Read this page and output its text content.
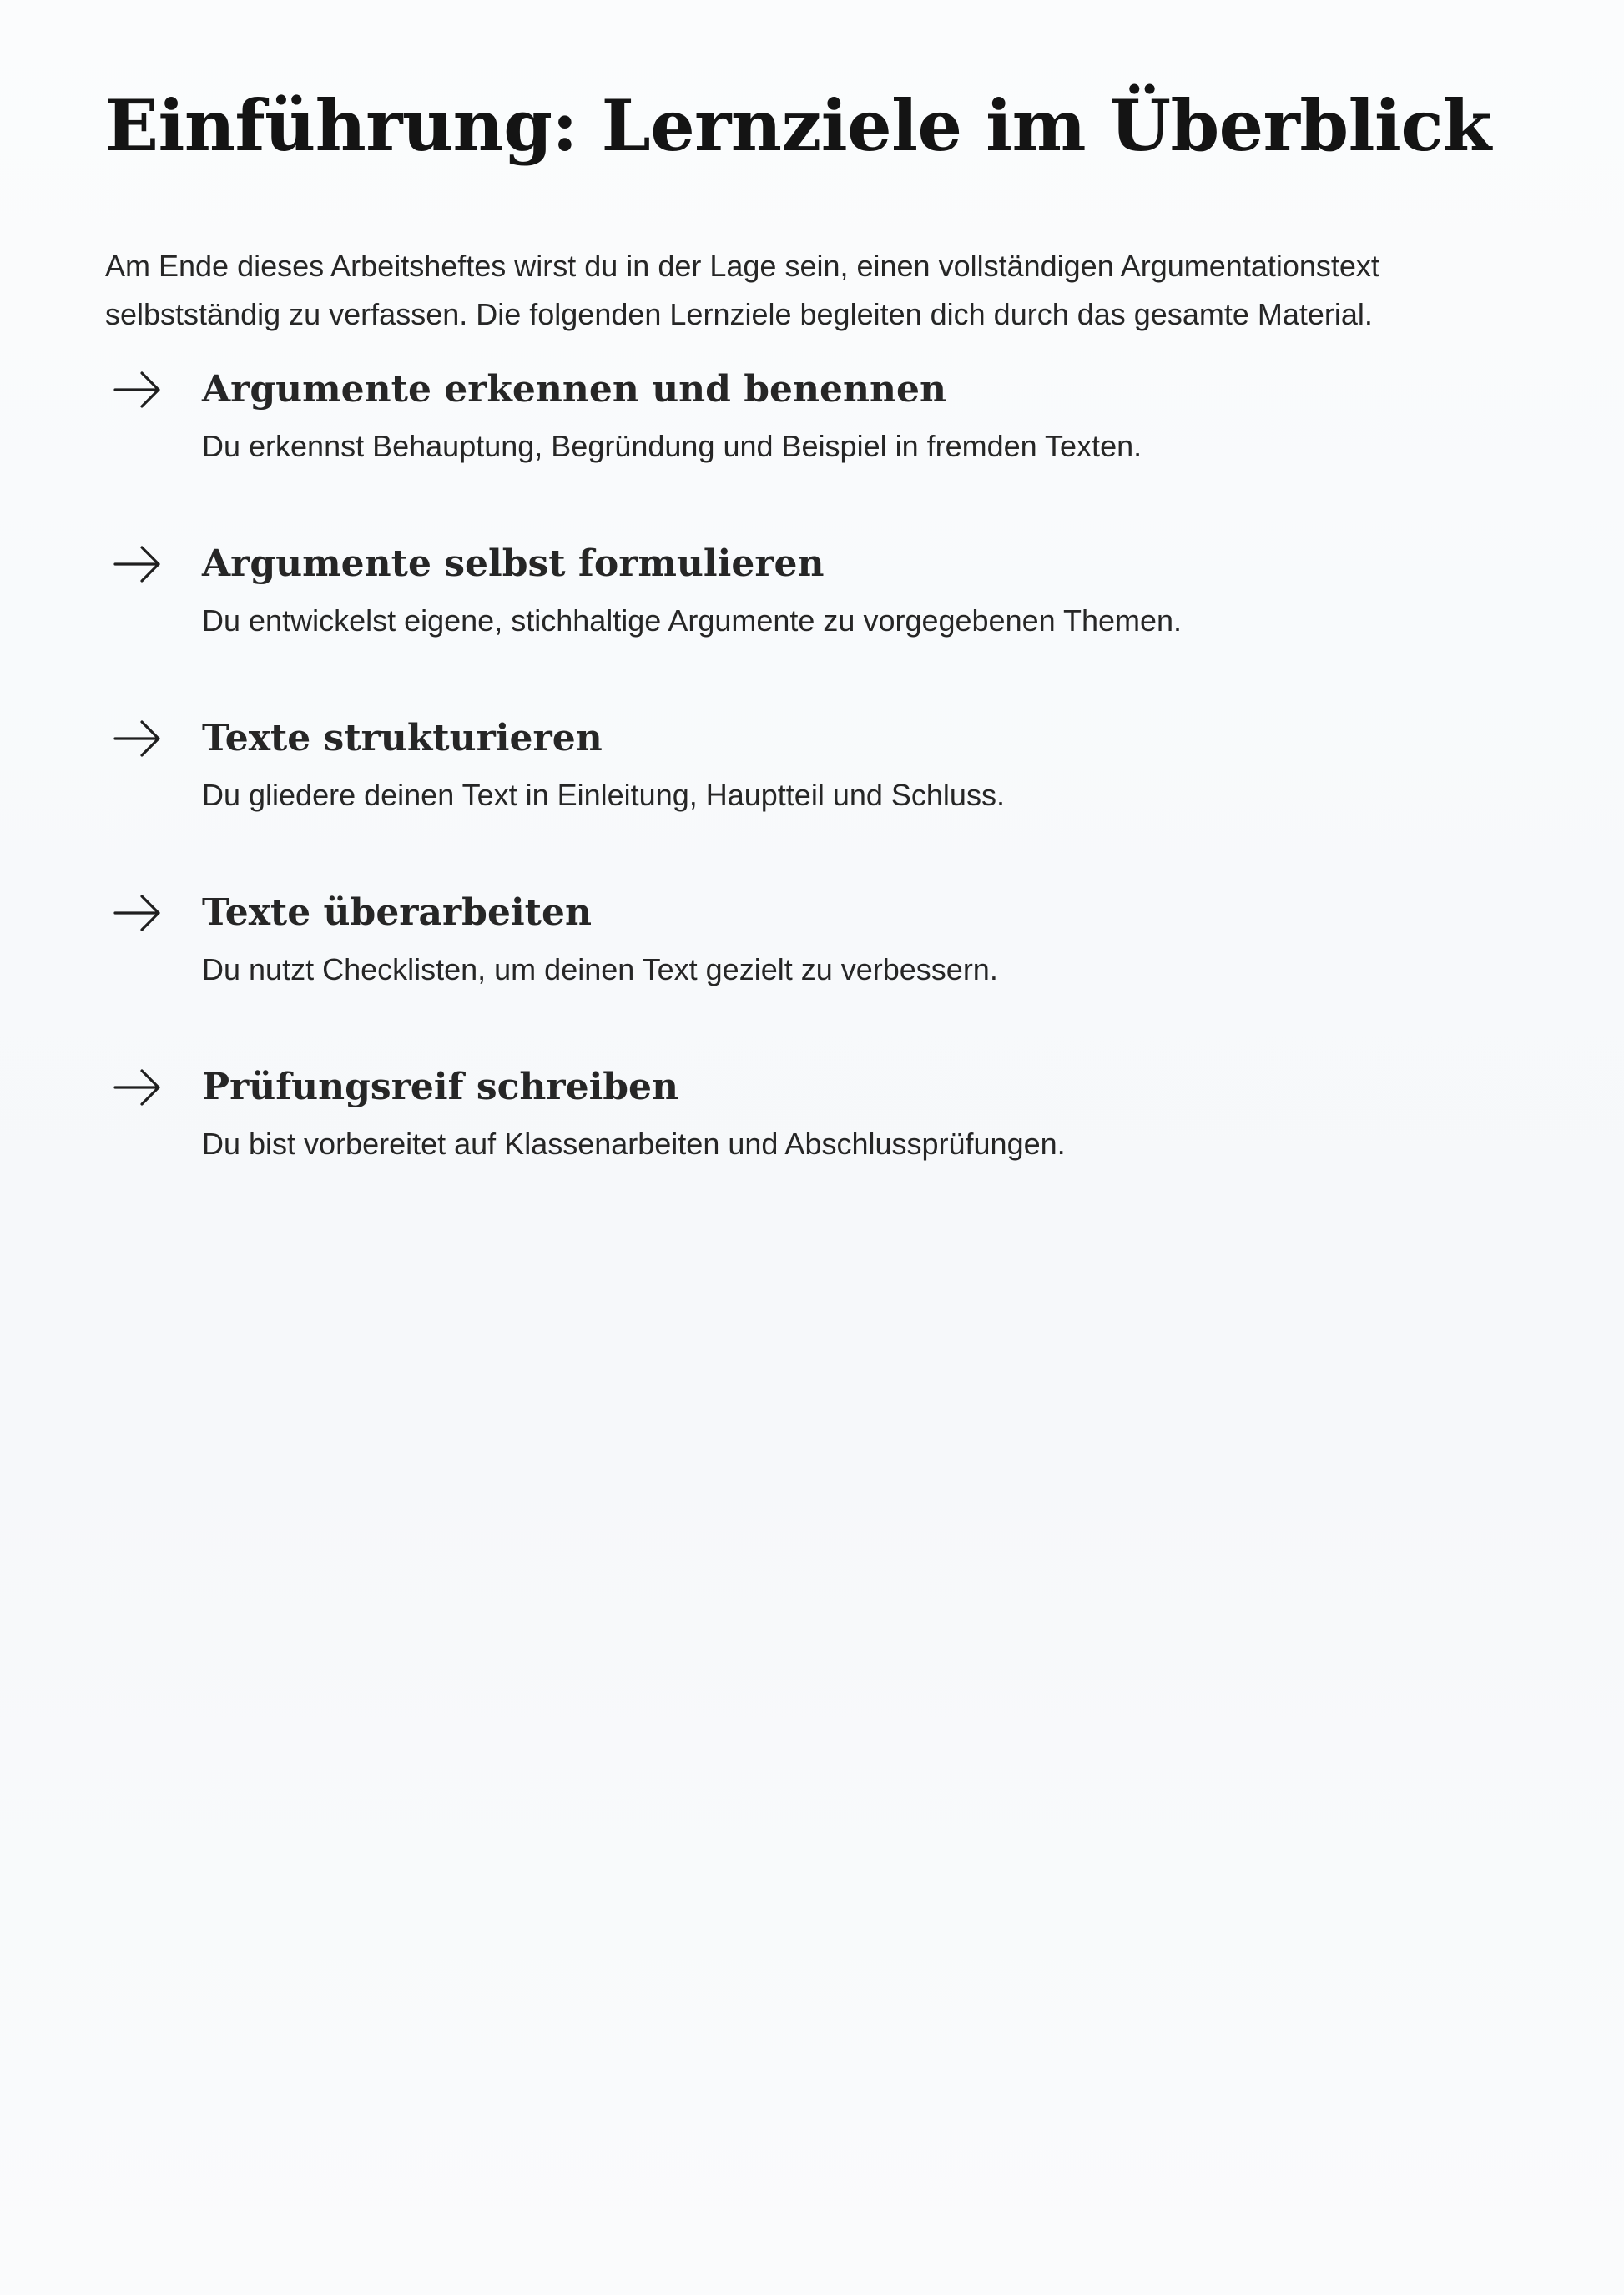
Einführung: Lernziele im Überblick

Am Ende dieses Arbeitsheftes wirst du in der Lage sein, einen vollständigen Argumentationstext selbstständig zu verfassen. Die folgenden Lernziele begleiten dich durch das gesamte Material.

Argumente erkennen und benennen

Du erkennst Behauptung, Begründung und Beispiel in fremden Texten.

Argumente selbst formulieren

Du entwickelst eigene, stichhaltige Argumente zu vorgegebenen Themen.

Texte strukturieren

Du gliedere deinen Text in Einleitung, Hauptteil und Schluss.

Texte überarbeiten

Du nutzt Checklisten, um deinen Text gezielt zu verbessern.

Prüfungsreif schreiben

Du bist vorbereitet auf Klassenarbeiten und Abschlussprüfungen.
